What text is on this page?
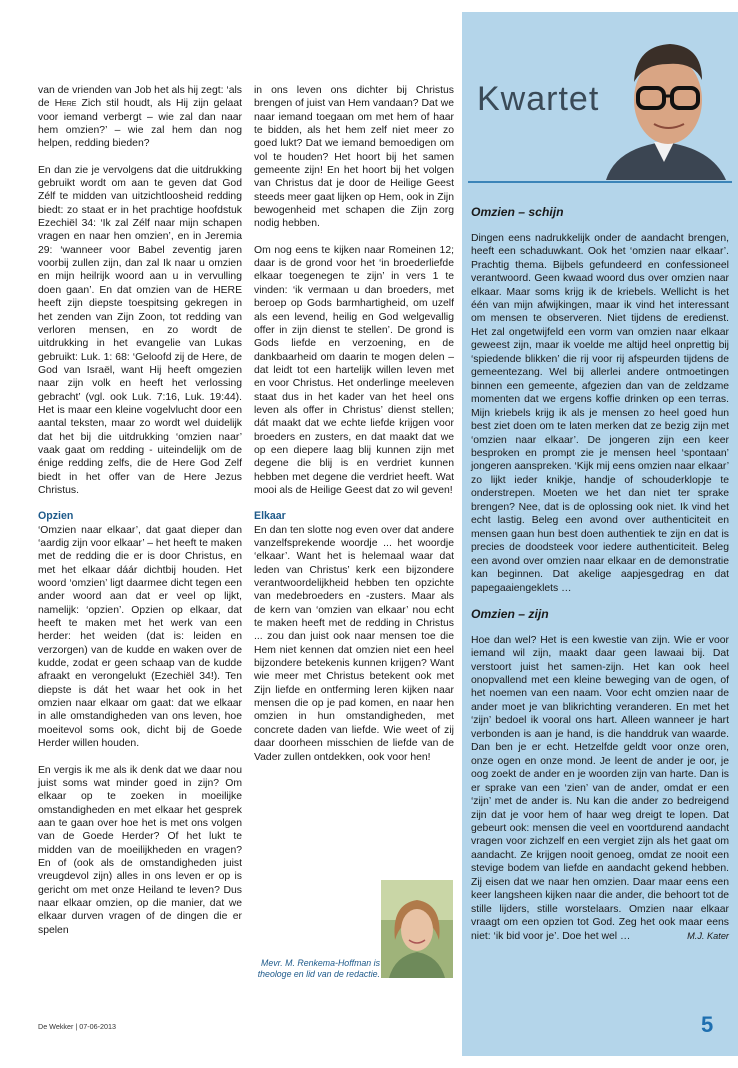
Kwartet

van de vrienden van Job het als hij zegt: ‘als de Here Zich stil houdt, als Hij zijn gelaat voor iemand verbergt – wie zal dan naar hem omzien?’ – wie zal hem dan nog helpen, redding bieden?

En dan zie je vervolgens dat die uitdrukking gebruikt wordt om aan te geven dat God Zélf te midden van uitzichtloosheid redding biedt: zo staat er in het prachtige hoofdstuk Ezechiël 34: ‘Ik zal Zélf naar mijn schapen vragen en naar hen omzien’, en in Jeremia 29: ‘wanneer voor Babel zeventig jaren voorbij zullen zijn, dan zal Ik naar u omzien en mijn heilrijk woord aan u in vervulling doen gaan’. En dat omzien van de HERE heeft zijn diepste toespitsing gekregen in het zenden van Zijn Zoon, tot redding van verloren mensen, en zo wordt de uitdrukking in het evangelie van Lukas gebruikt: Luk. 1: 68: ‘Geloofd zij de Here, de God van Israël, want Hij heeft omgezien naar zijn volk en heeft het verlossing gebracht’ (vgl. ook Luk. 7:16, Luk. 19:44). Het is maar een kleine vogelvlucht door een aantal teksten, maar zo wordt wel duidelijk dat het bij die uitdrukking ‘omzien naar’ vaak gaat om redding - uiteindelijk om de énige redding zelfs, die de Here God Zelf biedt in het offer van de Here Jezus Christus.

Opzien

‘Omzien naar elkaar’, dat gaat dieper dan ‘aardig zijn voor elkaar’ – het heeft te maken met de redding die er is door Christus, en met het elkaar dáár dichtbij houden. Het woord ‘omzien’ ligt daarmee dicht tegen een ander woord aan dat er veel op lijkt, namelijk: ‘opzien’. Opzien op elkaar, dat heeft te maken met het werk van een herder: het weiden (dat is: leiden en verzorgen) van de kudde en waken over de kudde, zodat er geen schaap van de kudde afraakt en verongelukt (Ezechiël 34!). Ten diepste is dát het waar het ook in het omzien naar elkaar om gaat: dat we elkaar in alle omstandigheden van ons leven, hoe moeitevol soms ook, dicht bij de Goede Herder willen houden.

En vergis ik me als ik denk dat we daar nou juist soms wat minder goed in zijn? Om elkaar op te zoeken in moeilijke omstandigheden en met elkaar het gesprek aan te gaan over hoe het is met ons volgen van de Goede Herder? Of het lukt te midden van de moeilijkheden en vragen? En of (ook als de omstandigheden juist vreugdevol zijn) alles in ons leven er op is gericht om met onze Heiland te leven? Dus naar elkaar omzien, op die manier, dat we elkaar durven vragen of de dingen die er spelen

in ons leven ons dichter bij Christus brengen of juist van Hem vandaan? Dat we naar iemand toegaan om met hem of haar te bidden, als het hem zelf niet meer zo goed lukt? Dat we iemand bemoedigen om vol te houden? Het hoort bij het samen gemeente zijn! En het hoort bij het volgen van Christus dat je door de Heilige Geest steeds meer gaat lijken op Hem, ook in Zijn bewogenheid met schapen die Zijn zorg nodig hebben.

Om nog eens te kijken naar Romeinen 12; daar is de grond voor het ‘in broederliefde elkaar toegenegen te zijn’ in vers 1 te vinden: ‘ik vermaan u dan broeders, met beroep op Gods barmhartigheid, om uzelf als een levend, heilig en God welgevallig offer in zijn dienst te stellen’. De grond is Gods liefde en verzoening, en de dankbaarheid om daarin te mogen delen – dat leidt tot een hartelijk willen leven met en voor Christus. Het onderlinge meeleven staat dus in het kader van het heel ons leven als offer in Christus’ dienst stellen; dát maakt dat we echte liefde krijgen voor broeders en zusters, en dat maakt dat we op een diepere laag blij kunnen zijn met degene die blij is en verdriet kunnen hebben met degene die verdriet heeft. Wat mooi als de Heilige Geest dat zo wil geven!

Elkaar

En dan ten slotte nog even over dat andere vanzelfsprekende woordje ... het woordje ‘elkaar’. Want het is helemaal waar dat leden van Christus’ kerk een bijzondere verantwoordelijkheid hebben ten opzichte van medebroeders en -zusters. Maar als de kern van ‘omzien van elkaar’ nou echt te maken heeft met de redding in Christus ... zou dan juist ook naar mensen toe die Hem niet kennen dat omzien niet een heel bijzondere betekenis kunnen krijgen? Want wie meer met Christus betekent ook met Zijn liefde en ontferming leren kijken naar mensen die op je pad komen, en naar hen omzien in hun omstandigheden, met concrete daden van liefde. Wie weet of zij daar doorheen misschien de liefde van de Vader zullen ontdekken, ook voor hen!

Mevr. M. Renkema-Hoffman is theologe en lid van de redactie.
Omzien – schijn

Dingen eens nadrukkelijk onder de aandacht brengen, heeft een schaduwkant. Ook het ‘omzien naar elkaar’. Prachtig thema. Bijbels gefundeerd en confessioneel verantwoord. Geen kwaad woord dus over omzien naar elkaar. Maar soms krijg ik de kriebels. Wellicht is het één van mijn afwijkingen, maar ik vind het interessant om mensen te observeren. Niet tijdens de eredienst. Het zal ongetwijfeld een vorm van omzien naar elkaar geweest zijn, maar ik voelde me altijd heel onprettig bij ‘spiedende blikken’ die rij voor rij afspeurden tijdens de gemeentezang. Wel bij allerlei andere ontmoetingen binnen een gemeente, afgezien dan van de zeldzame momenten dat we ergens koffie drinken op een terras. Mijn kriebels krijg ik als je mensen zo heel goed hun best ziet doen om te laten merken dat ze bezig zijn met ‘omzien naar elkaar’. De jongeren zijn een keer besproken en prompt zie je mensen heel ‘spontaan’ jongeren aanspreken. ‘Kijk mij eens omzien naar elkaar’ zo lijkt ieder knikje, handje of schouderklopje te onderstrepen. Moeten we het dan niet ter sprake brengen? Nee, dat is de oplossing ook niet. Ik vind het echt lastig. Beleg een avond over authenticiteit en mensen gaan hun best doen authentiek te zijn en dat is precies de doodsteek voor iedere authenticiteit. Beleg een avond over omzien naar elkaar en de demonstratie kan beginnen. Dat akelige aapjesgedrag en dat papegaaiengeklets …

Omzien – zijn

Hoe dan wel? Het is een kwestie van zijn. Wie er voor iemand wil zijn, maakt daar geen lawaai bij. Dat verstoort juist het samen-zijn. Het kan ook heel onopvallend met een kleine beweging van de ogen, of het noemen van een naam. Voor echt omzien naar de ander moet je van blikrichting veranderen. En met het ‘zijn’ bedoel ik vooral ons hart. Alleen wanneer je hart verbonden is aan je hand, is die handdruk van waarde. Dan ben je er echt. Hetzelfde geldt voor onze oren, onze ogen en onze mond. Je leent de ander je oor, je oog zoekt de ander en je woorden zijn van harte. Dan is er sprake van een ‘zien’ van de ander, omdat er een ‘zijn’ met de ander is. Nu kan die ander zo bedreigend zijn dat je voor hem of haar weg dreigt te lopen. Dat gebeurt ook: mensen die veel en voortdurend aandacht vragen voor zichzelf en een vergiet zijn als het gaat om aandacht. Ze krijgen nooit genoeg, omdat ze nooit een stevige bodem van liefde en aandacht gekend hebben. Zij eisen dat we naar hen omzien. Daar maar eens een keer langsheen kijken naar die ander, die behoort tot de stille lijders, stille worstelaars. Omzien naar elkaar vraagt om een opzien tot God. Zeg het ook maar eens niet: ‘ik bid voor je’. Doe het wel …	M.J. Kater

De Wekker | 07-06-2013	5
